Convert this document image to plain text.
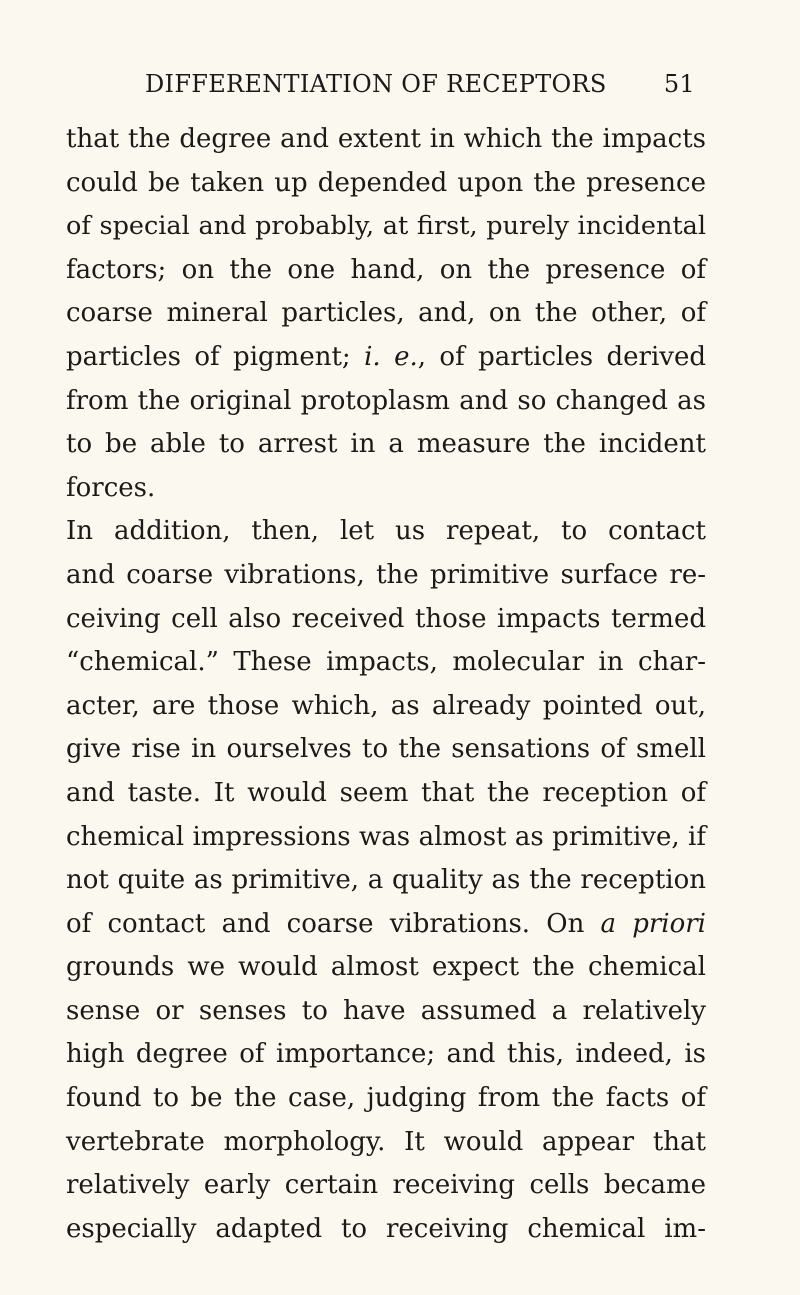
DIFFERENTIATION OF RECEPTORS 51
that the degree and extent in which the impacts
could be taken up depended upon the presence
of special and probably, at first, purely incidental
factors; on the one hand, on the presence of
coarse mineral particles, and, on the other, of
particles of pigment; i. e., of particles derived
from the original protoplasm and so changed as
to be able to arrest in a measure the incident
forces.
In addition, then, let us repeat, to contact
and coarse vibrations, the primitive surface re-
ceiving cell also received those impacts termed
“chemical.” These impacts, molecular in char-
acter, are those which, as already pointed out,
give rise in ourselves to the sensations of smell
and taste. It would seem that the reception of
chemical impressions was almost as primitive, if
not quite as primitive, a quality as the reception
of contact and coarse vibrations. On a priori
grounds we would almost expect the chemical
sense or senses to have assumed a relatively
high degree of importance; and this, indeed, is
found to be the case, judging from the facts of
vertebrate morphology. It would appear that
relatively early certain receiving cells became
especially adapted to receiving chemical im-
